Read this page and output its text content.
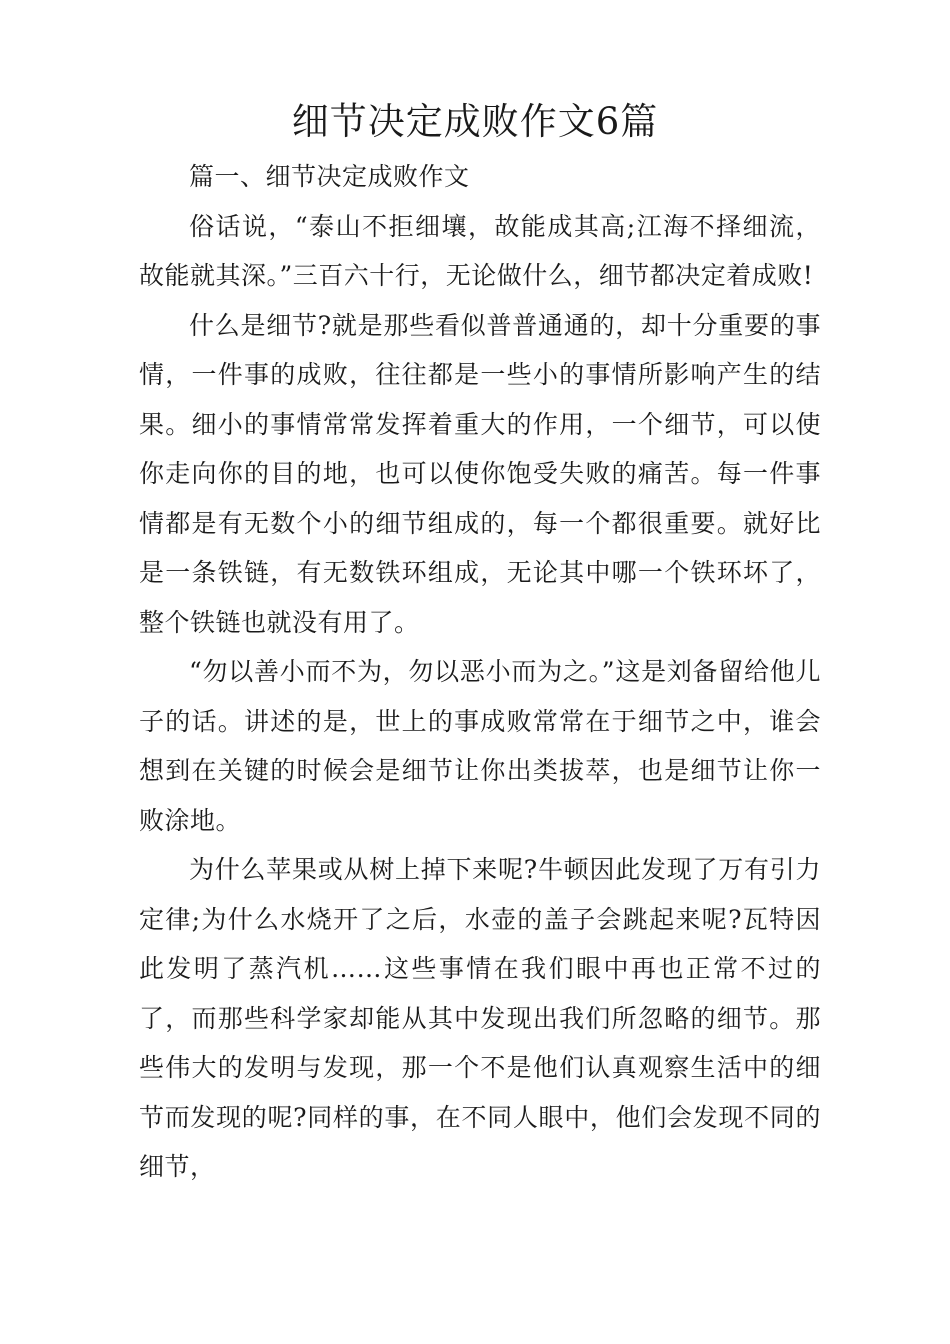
细节决定成败作文6篇

篇一、细节决定成败作文

俗话说，“泰山不拒细壤，故能成其高;江海不择细流，故能就其深。”三百六十行，无论做什么，细节都决定着成败!

什么是细节?就是那些看似普普通通的，却十分重要的事情，一件事的成败，往往都是一些小的事情所影响产生的结果。细小的事情常常发挥着重大的作用，一个细节，可以使你走向你的目的地，也可以使你饱受失败的痛苦。每一件事情都是有无数个小的细节组成的，每一个都很重要。就好比是一条铁链，有无数铁环组成，无论其中哪一个铁环坏了，整个铁链也就没有用了。

“勿以善小而不为，勿以恶小而为之。”这是刘备留给他儿子的话。讲述的是，世上的事成败常常在于细节之中，谁会想到在关键的时候会是细节让你出类拔萃，也是细节让你一败涂地。

为什么苹果或从树上掉下来呢?牛顿因此发现了万有引力定律;为什么水烧开了之后，水壶的盖子会跳起来呢?瓦特因此发明了蒸汽机……这些事情在我们眼中再也正常不过的了，而那些科学家却能从其中发现出我们所忽略的细节。那些伟大的发明与发现，那一个不是他们认真观察生活中的细节而发现的呢?同样的事，在不同人眼中，他们会发现不同的细节，
